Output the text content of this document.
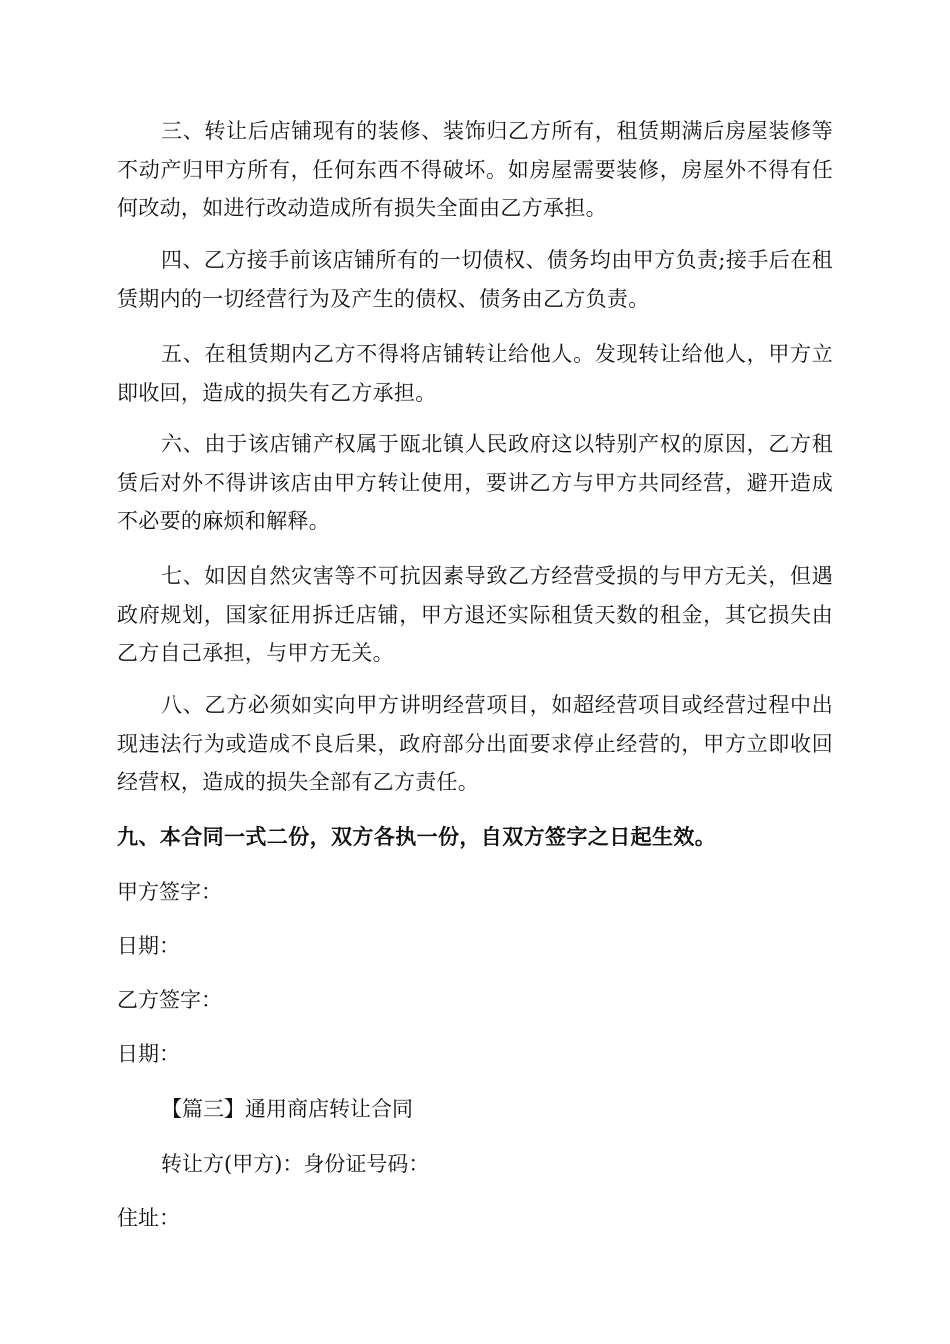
三、转让后店铺现有的装修、装饰归乙方所有，租赁期满后房屋装修等不动产归甲方所有，任何东西不得破坏。如房屋需要装修，房屋外不得有任何改动，如进行改动造成所有损失全面由乙方承担。

四、乙方接手前该店铺所有的一切债权、债务均由甲方负责;接手后在租赁期内的一切经营行为及产生的债权、债务由乙方负责。

五、在租赁期内乙方不得将店铺转让给他人。发现转让给他人，甲方立即收回，造成的损失有乙方承担。

六、由于该店铺产权属于瓯北镇人民政府这以特别产权的原因，乙方租赁后对外不得讲该店由甲方转让使用，要讲乙方与甲方共同经营，避开造成不必要的麻烦和解释。

七、如因自然灾害等不可抗因素导致乙方经营受损的与甲方无关，但遇政府规划，国家征用拆迁店铺，甲方退还实际租赁天数的租金，其它损失由乙方自己承担，与甲方无关。

八、乙方必须如实向甲方讲明经营项目，如超经营项目或经营过程中出现违法行为或造成不良后果，政府部分出面要求停止经营的，甲方立即收回经营权，造成的损失全部有乙方责任。

九、本合同一式二份，双方各执一份，自双方签字之日起生效。

甲方签字：

日期：

乙方签字：

日期：

【篇三】通用商店转让合同

转让方(甲方)：身份证号码：

住址：
